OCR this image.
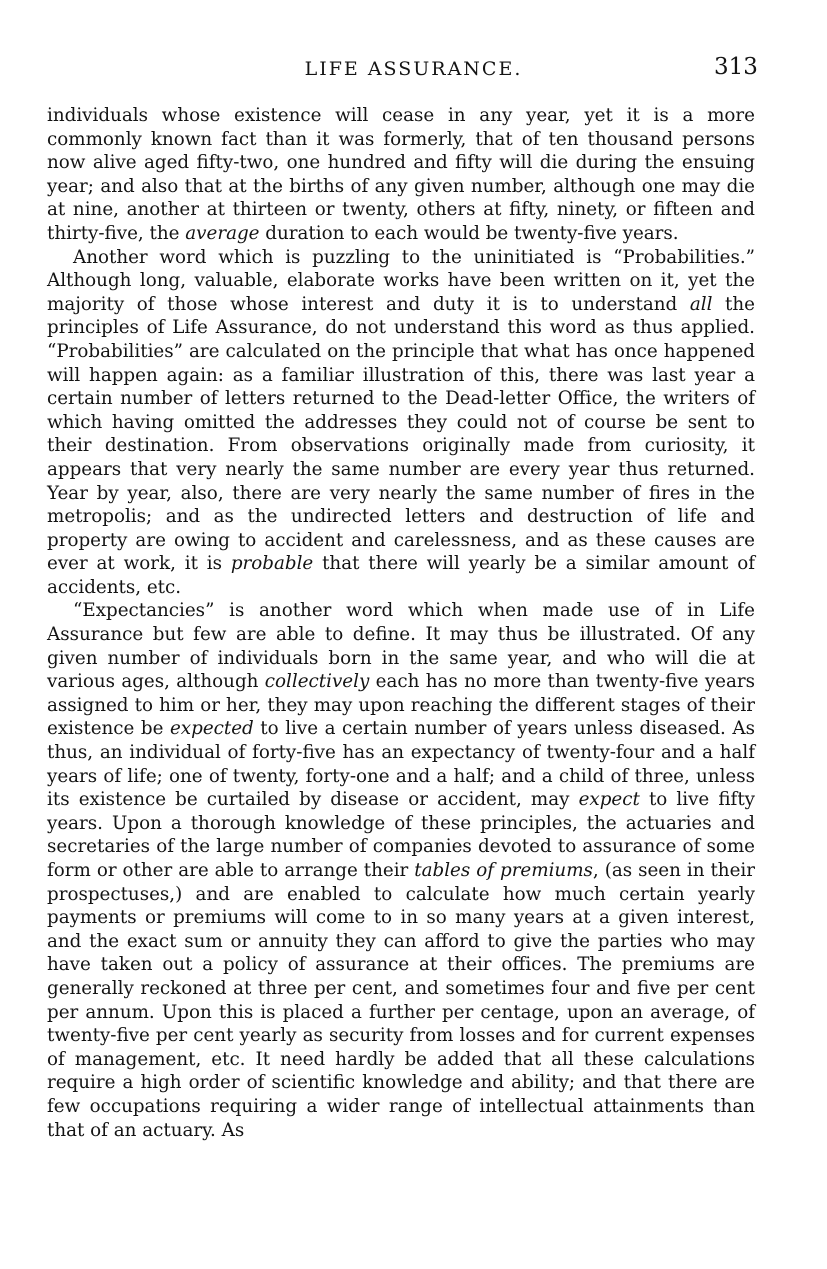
LIFE ASSURANCE.	313

individuals whose existence will cease in any year, yet it is a more commonly known fact than it was formerly, that of ten thousand persons now alive aged fifty-two, one hundred and fifty will die during the ensuing year; and also that at the births of any given number, although one may die at nine, another at thirteen or twenty, others at fifty, ninety, or fifteen and thirty-five, the average duration to each would be twenty-five years.

Another word which is puzzling to the uninitiated is “Probabilities.” Although long, valuable, elaborate works have been written on it, yet the majority of those whose interest and duty it is to understand all the principles of Life Assurance, do not understand this word as thus applied. “Probabilities” are calculated on the principle that what has once happened will happen again: as a familiar illustration of this, there was last year a certain number of letters returned to the Dead-letter Office, the writers of which having omitted the addresses they could not of course be sent to their destination. From observations originally made from curiosity, it appears that very nearly the same number are every year thus returned. Year by year, also, there are very nearly the same number of fires in the metropolis; and as the undirected letters and destruction of life and property are owing to accident and carelessness, and as these causes are ever at work, it is probable that there will yearly be a similar amount of accidents, etc.

“Expectancies” is another word which when made use of in Life Assurance but few are able to define. It may thus be illustrated. Of any given number of individuals born in the same year, and who will die at various ages, although collectively each has no more than twenty-five years assigned to him or her, they may upon reaching the different stages of their existence be expected to live a certain number of years unless diseased. As thus, an individual of forty-five has an expectancy of twenty-four and a half years of life; one of twenty, forty-one and a half; and a child of three, unless its existence be curtailed by disease or accident, may expect to live fifty years. Upon a thorough knowledge of these principles, the actuaries and secretaries of the large number of companies devoted to assurance of some form or other are able to arrange their tables of premiums, (as seen in their prospectuses,) and are enabled to calculate how much certain yearly payments or premiums will come to in so many years at a given interest, and the exact sum or annuity they can afford to give the parties who may have taken out a policy of assurance at their offices. The premiums are generally reckoned at three per cent, and sometimes four and five per cent per annum. Upon this is placed a further per centage, upon an average, of twenty-five per cent yearly as security from losses and for current expenses of management, etc. It need hardly be added that all these calculations require a high order of scientific knowledge and ability; and that there are few occupations requiring a wider range of intellectual attainments than that of an actuary. As
